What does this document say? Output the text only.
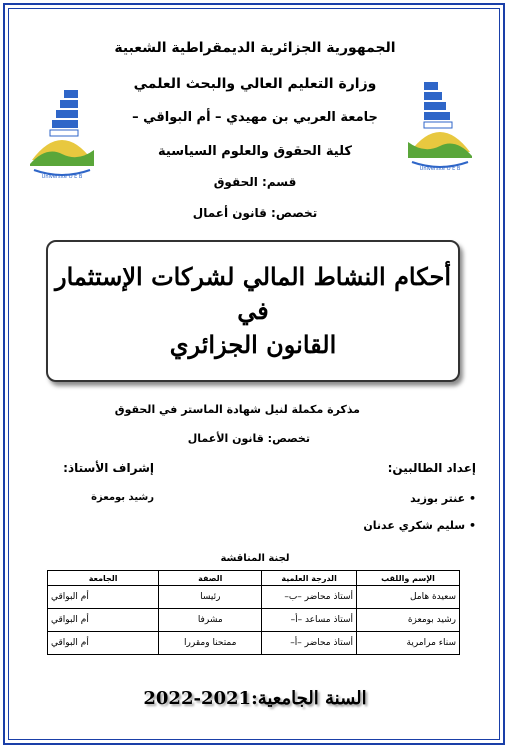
Université O E B
Université O E B
الجمهورية الجزائرية الديمقراطية الشعبية
وزارة التعليم العالي والبحث العلمي
جامعة العربي بن مهيدي – أم البواقي –
كلية الحقوق والعلوم السياسية
قسم: الحقوق
تخصص: قانون أعمال
أحكام النشاط المالي لشركات الإستثمار
في
القانون الجزائري
مذكرة مكملة لنيل شهادة الماستر في الحقوق
تخصص: قانون الأعمال
إعداد الطالبين:
إشراف الأستاذ:
• عنتر بوزيد
• سليم شكري عدنان
رشيد بومعزة
لجنة المناقشة
الإسم واللقب	الدرجة العلمية	الصفة	الجامعة
سعيدة هامل	أستاذ محاضر –ب–	رئيسا	أم البواقي
رشيد بومعزة	أستاذ مساعد –أ–	مشرفا	أم البواقي
سناء مرامرية	أستاذ محاضر –أ–	ممتحنا ومقررا	أم البواقي
السنة الجامعية:2021-2022
